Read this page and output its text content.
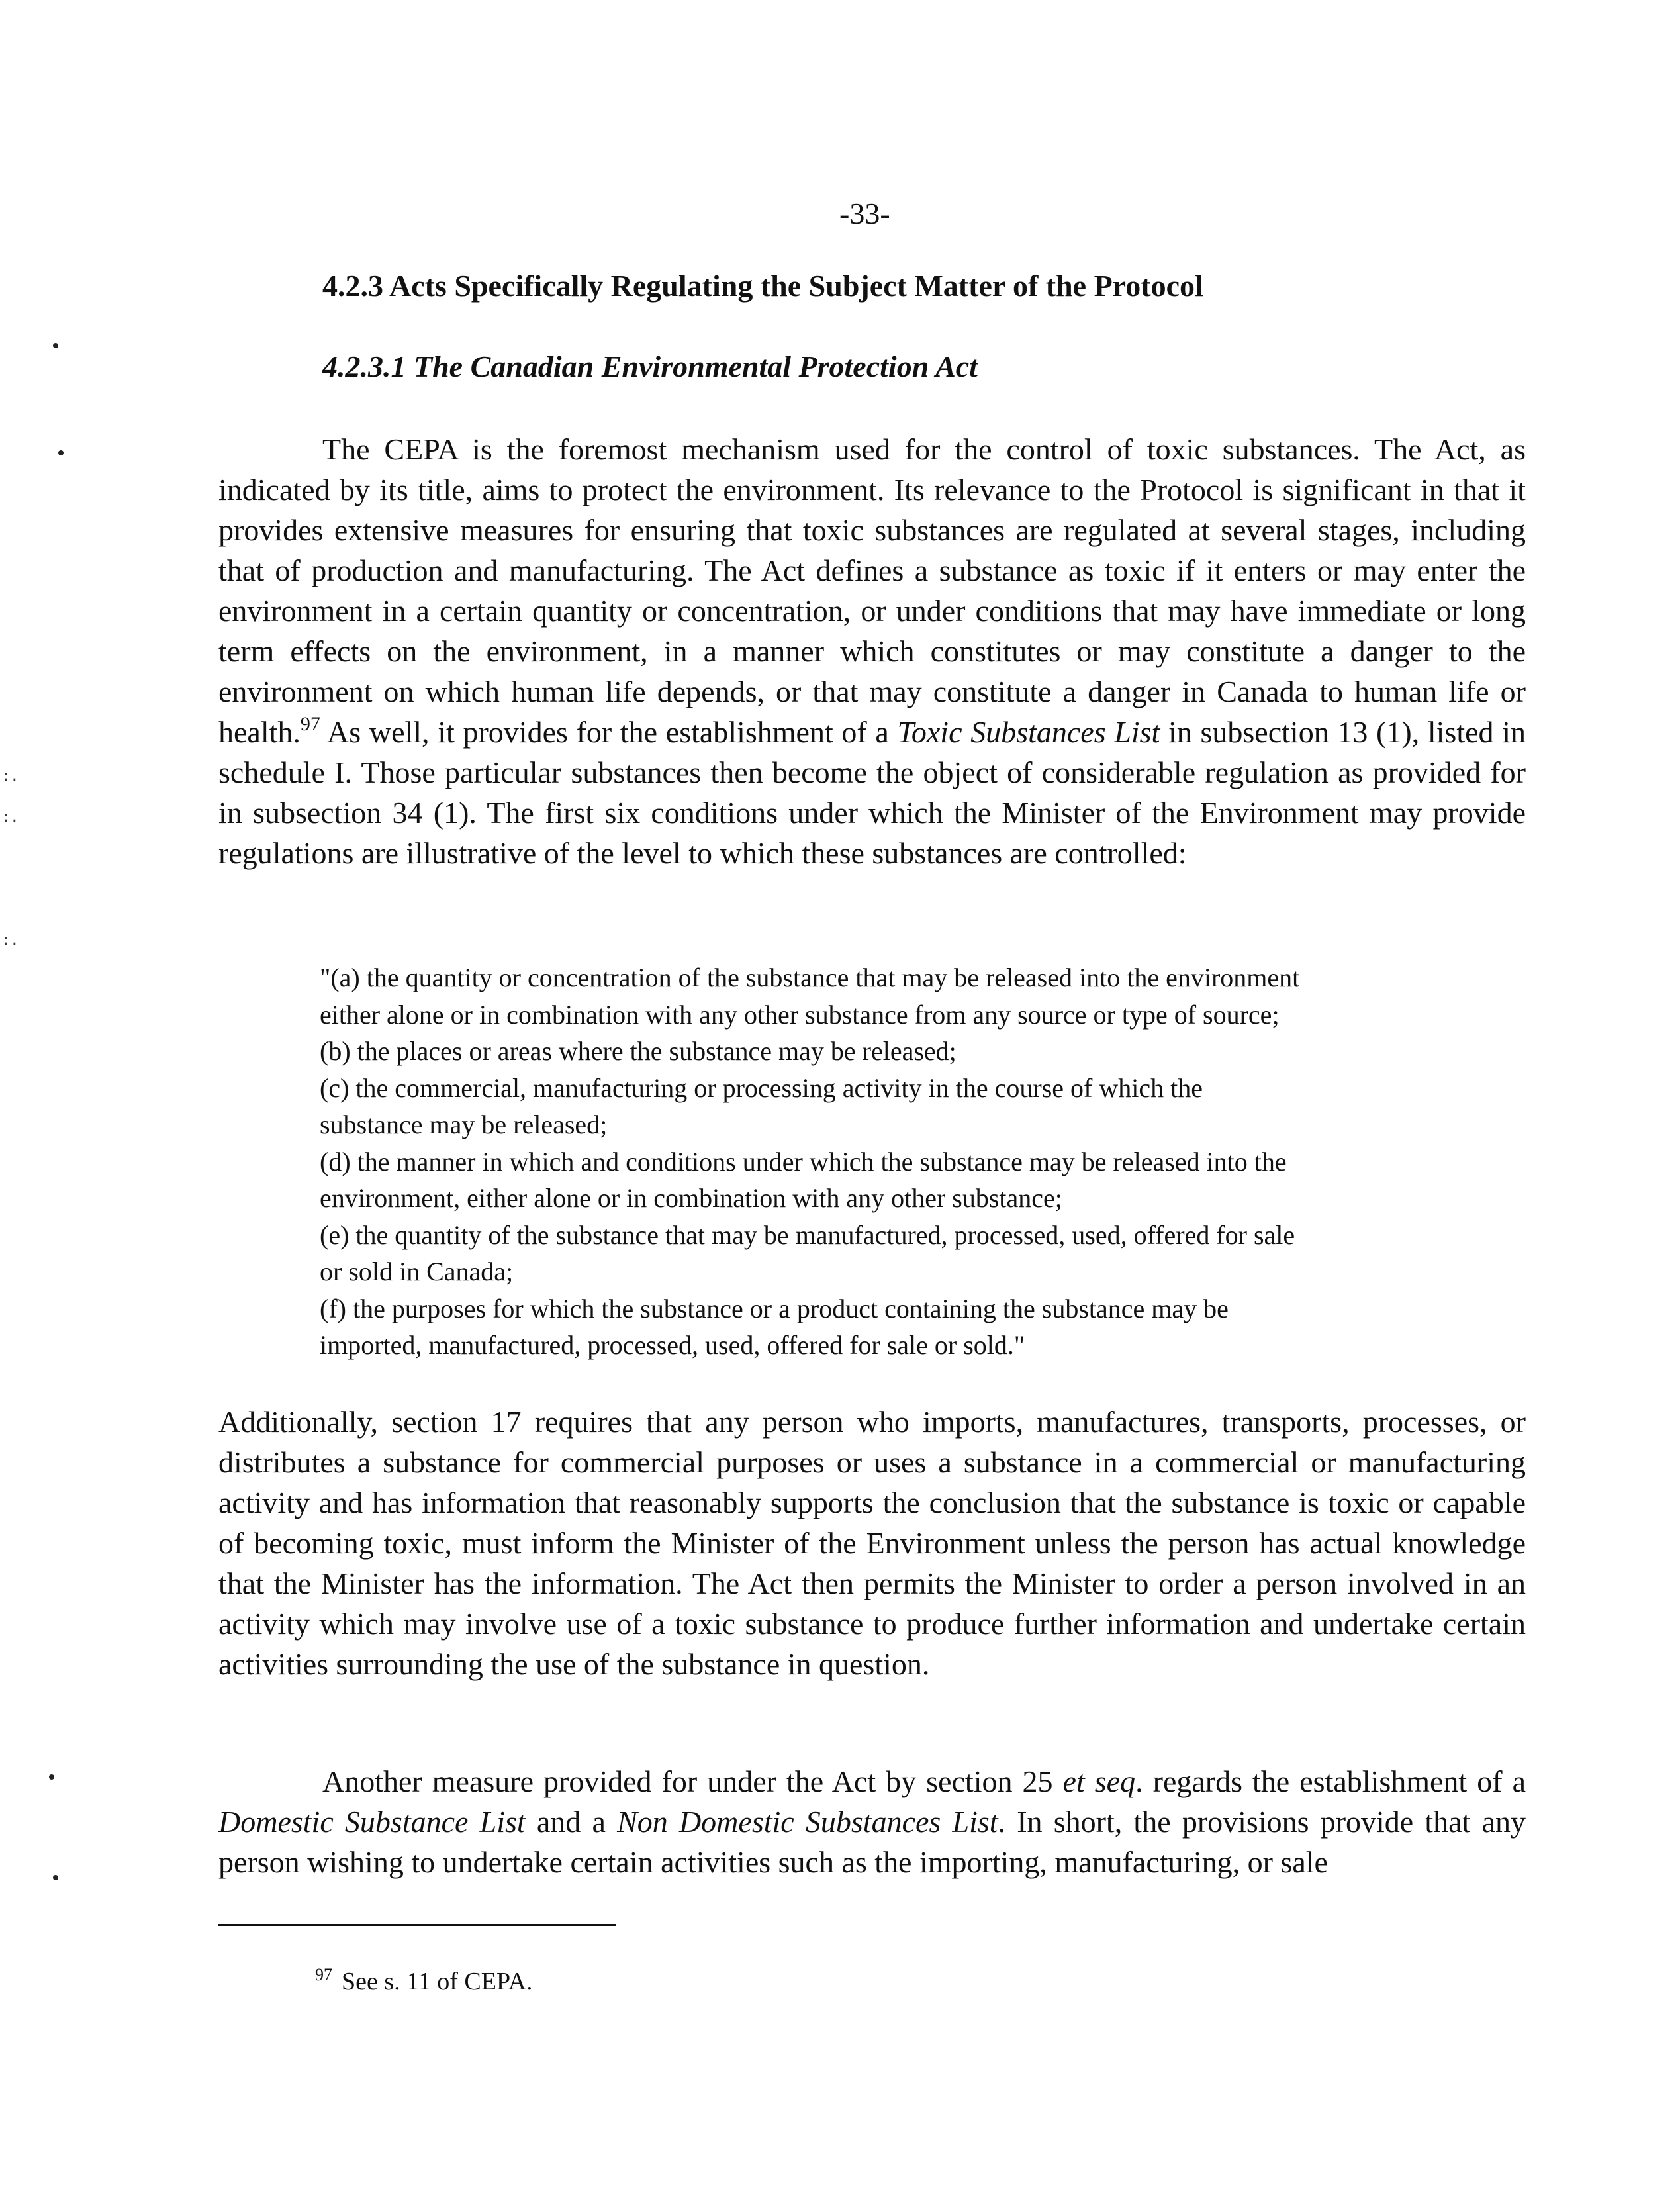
-33-
4.2.3 Acts Specifically Regulating the Subject Matter of the Protocol
4.2.3.1 The Canadian Environmental Protection Act

The CEPA is the foremost mechanism used for the control of toxic substances. The Act, as indicated by its title, aims to protect the environment. Its relevance to the Protocol is significant in that it provides extensive measures for ensuring that toxic substances are regulated at several stages, including that of production and manufacturing. The Act defines a substance as toxic if it enters or may enter the environment in a certain quantity or concentration, or under conditions that may have immediate or long term effects on the environment, in a manner which constitutes or may constitute a danger to the environment on which human life depends, or that may constitute a danger in Canada to human life or health.$^{97}$ As well, it provides for the establishment of a Toxic Substances List in subsection 13 (1), listed in schedule I. Those particular substances then become the object of considerable regulation as provided for in subsection 34 (1). The first six conditions under which the Minister of the Environment may provide regulations are illustrative of the level to which these substances are controlled:

"(a) the quantity or concentration of the substance that may be released into the environment
either alone or in combination with any other substance from any source or type of source;
(b) the places or areas where the substance may be released;
(c) the commercial, manufacturing or processing activity in the course of which the
substance may be released;
(d) the manner in which and conditions under which the substance may be released into the
environment, either alone or in combination with any other substance;
(e) the quantity of the substance that may be manufactured, processed, used, offered for sale
or sold in Canada;
(f) the purposes for which the substance or a product containing the substance may be
imported, manufactured, processed, used, offered for sale or sold."

Additionally, section 17 requires that any person who imports, manufactures, transports, processes, or distributes a substance for commercial purposes or uses a substance in a commercial or manufacturing activity and has information that reasonably supports the conclusion that the substance is toxic or capable of becoming toxic, must inform the Minister of the Environment unless the person has actual knowledge that the Minister has the information. The Act then permits the Minister to order a person involved in an activity which may involve use of a toxic substance to produce further information and undertake certain activities surrounding the use of the substance in question.

Another measure provided for under the Act by section 25 et seq. regards the establishment of a Domestic Substance List and a Non Domestic Substances List. In short, the provisions provide that any person wishing to undertake certain activities such as the importing, manufacturing, or sale

$^{97}$ See s. 11 of CEPA.
:.
:.
:.
